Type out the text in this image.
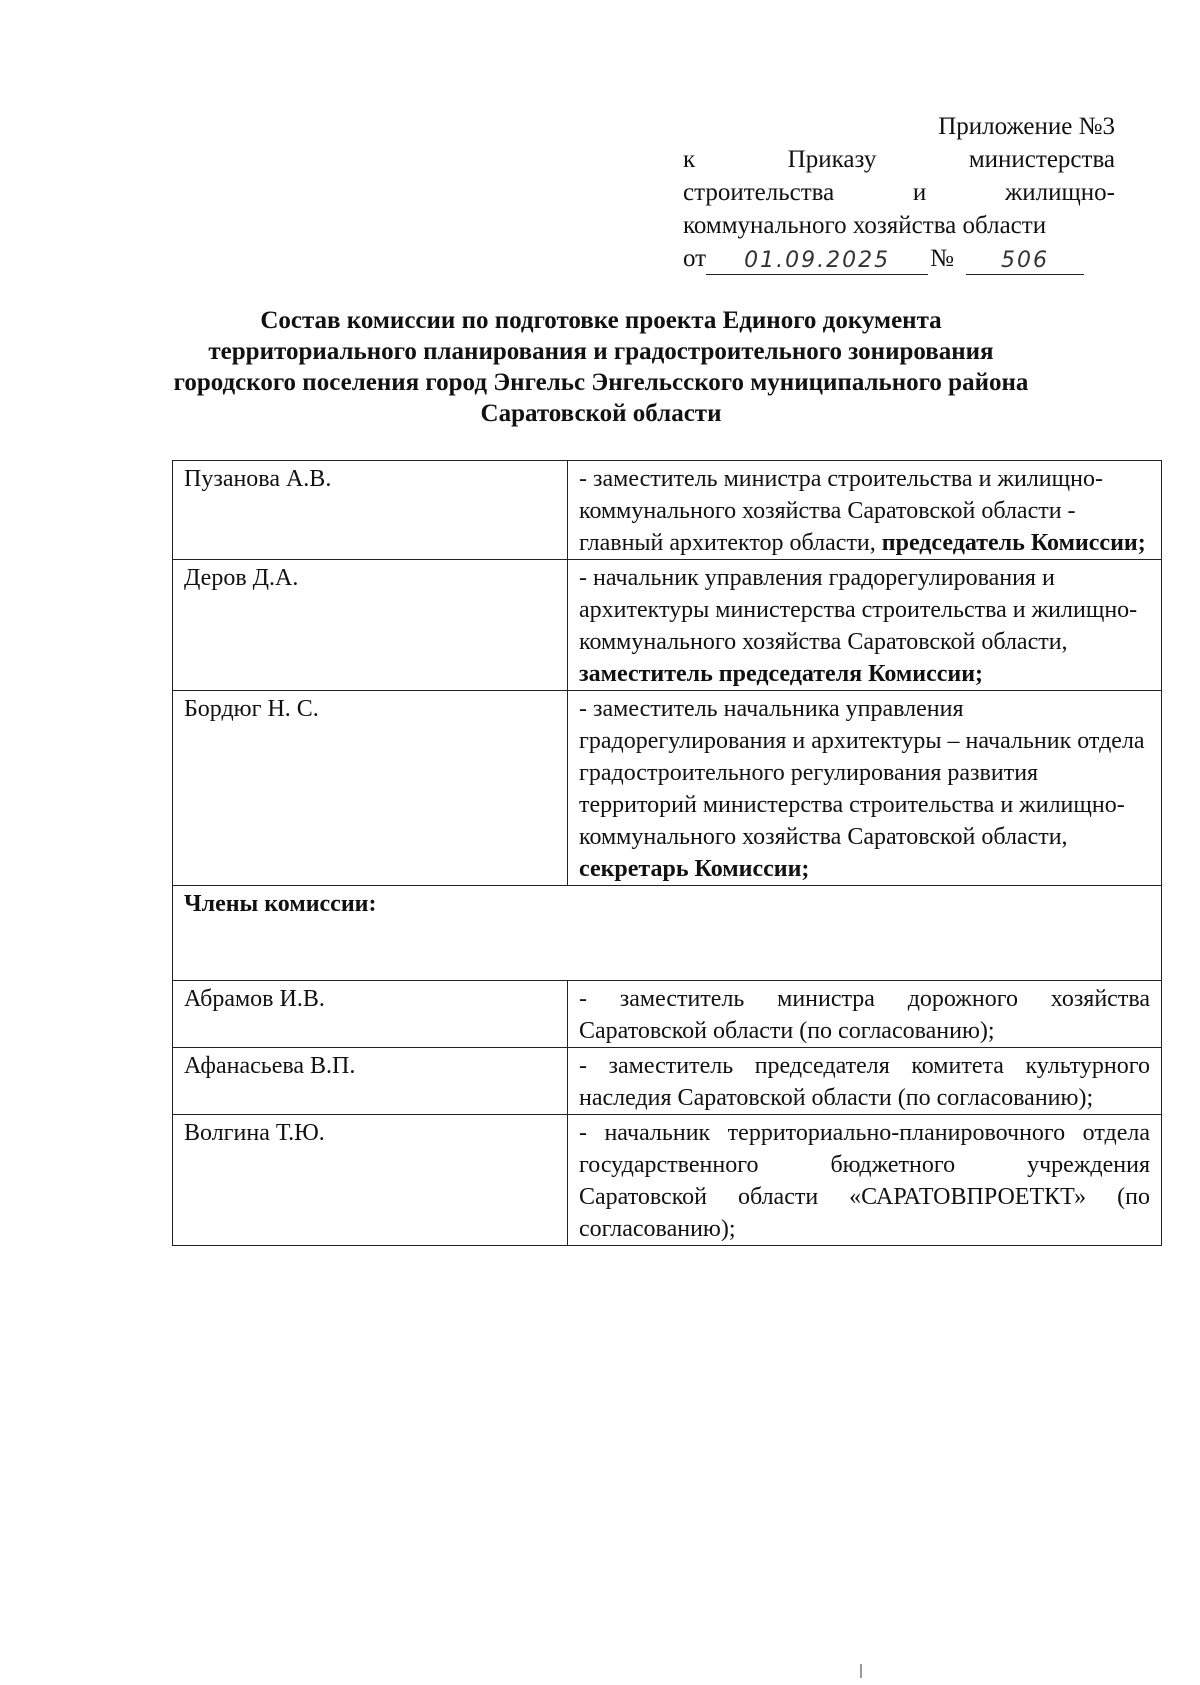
Приложение №3
к	Приказу	министерства
строительства	и	жилищно-
коммунального хозяйства области
от	01.09.2025	№	506
Состав комиссии по подготовке проекта Единого документа территориального планирования и градостроительного зонирования городского поселения город Энгельс Энгельсского муниципального района Саратовской области
Пузанова А.В.	- заместитель министра строительства и жилищно- коммунального хозяйства Саратовской области - главный архитектор области, председатель Комиссии;
Деров Д.А.	- начальник управления градорегулирования и архитектуры министерства строительства и жилищно-коммунального хозяйства Саратовской области, заместитель председателя Комиссии;
Бордюг Н. С.	- заместитель начальника управления градорегулирования и архитектуры – начальник отдела градостроительного регулирования развития территорий министерства строительства и жилищно-коммунального хозяйства Саратовской области, секретарь Комиссии;
Члены комиссии:	
Абрамов И.В.	- заместитель министра дорожного хозяйства Саратовской области (по согласованию);
Афанасьева В.П.	- заместитель председателя комитета культурного наследия Саратовской области (по согласованию);
Волгина Т.Ю.	- начальник территориально-планировочного отдела государственного бюджетного учреждения Саратовской области «САРАТОВПРОЕТКТ» (по согласованию);
